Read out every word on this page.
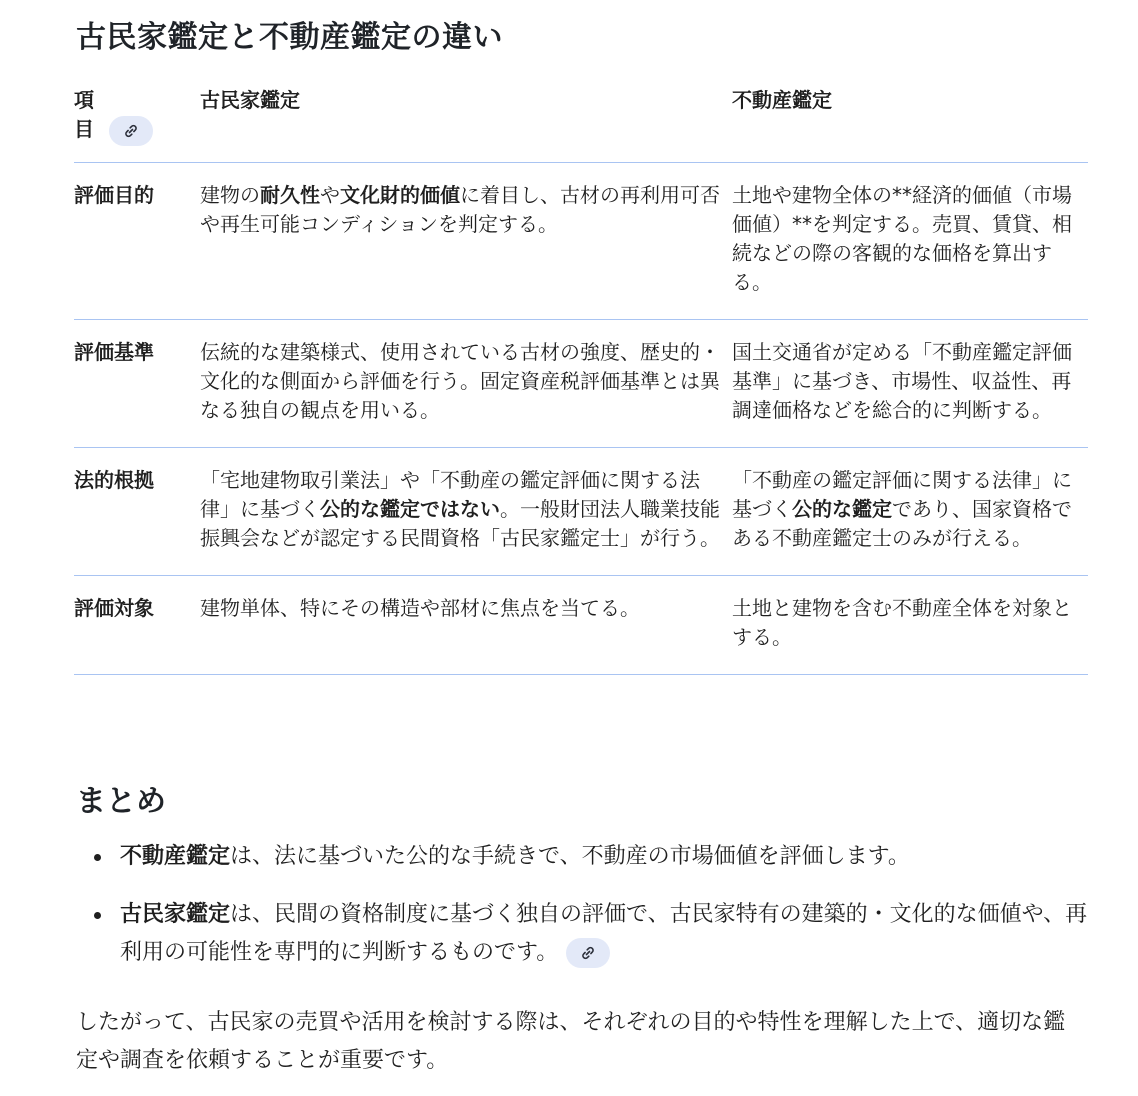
古民家鑑定と不動産鑑定の違い
項
目	古民家鑑定	不動産鑑定
評価目的	建物の耐久性や文化財的価値に着目し、古材の再利用可否や再生可能コンディションを判定する。	土地や建物全体の**経済的価値（市場価値）**を判定する。売買、賃貸、相続などの際の客観的な価格を算出する。
評価基準	伝統的な建築様式、使用されている古材の強度、歴史的・文化的な側面から評価を行う。固定資産税評価基準とは異なる独自の観点を用いる。	国土交通省が定める「不動産鑑定評価基準」に基づき、市場性、収益性、再調達価格などを総合的に判断する。
法的根拠	「宅地建物取引業法」や「不動産の鑑定評価に関する法律」に基づく公的な鑑定ではない。一般財団法人職業技能振興会などが認定する民間資格「古民家鑑定士」が行う。	「不動産の鑑定評価に関する法律」に基づく公的な鑑定であり、国家資格である不動産鑑定士のみが行える。
評価対象	建物単体、特にその構造や部材に焦点を当てる。	土地と建物を含む不動産全体を対象とする。
まとめ
不動産鑑定は、法に基づいた公的な手続きで、不動産の市場価値を評価します。
古民家鑑定は、民間の資格制度に基づく独自の評価で、古民家特有の建築的・文化的な価値や、再利用の可能性を専門的に判断するものです。

したがって、古民家の売買や活用を検討する際は、それぞれの目的や特性を理解した上で、適切な鑑定や調査を依頼することが重要です。
